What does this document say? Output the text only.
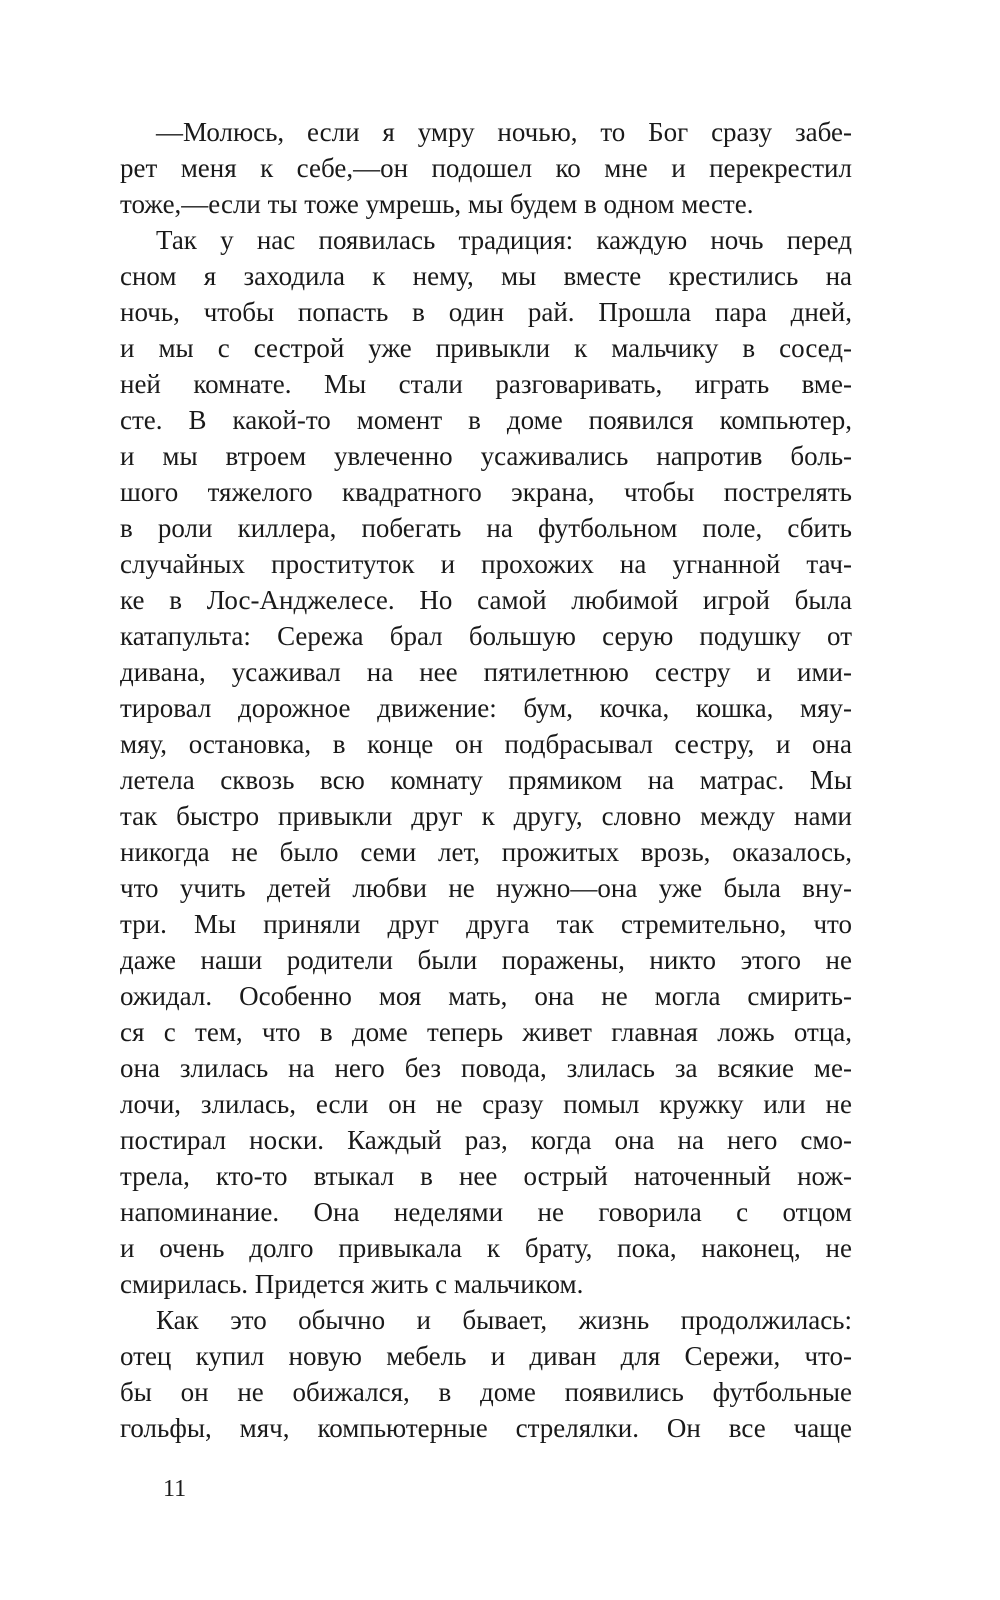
—Молюсь, если я умру ночью, то Бог сразу забе-
рет меня к себе,—он подошел ко мне и перекрестил
тоже,—если ты тоже умрешь, мы будем в одном месте.
Так у нас появилась традиция: каждую ночь перед
сном я заходила к нему, мы вместе крестились на
ночь, чтобы попасть в один рай. Прошла пара дней,
и мы с сестрой уже привыкли к мальчику в сосед-
ней комнате. Мы стали разговаривать, играть вме-
сте. В какой-то момент в доме появился компьютер,
и мы втроем увлеченно усаживались напротив боль-
шого тяжелого квадратного экрана, чтобы пострелять
в роли киллера, побегать на футбольном поле, сбить
случайных проституток и прохожих на угнанной тач-
ке в Лос-Анджелесе. Но самой любимой игрой была
катапульта: Сережа брал большую серую подушку от
дивана, усаживал на нее пятилетнюю сестру и ими-
тировал дорожное движение: бум, кочка, кошка, мяу-
мяу, остановка, в конце он подбрасывал сестру, и она
летела сквозь всю комнату прямиком на матрас. Мы
так быстро привыкли друг к другу, словно между нами
никогда не было семи лет, прожитых врозь, оказалось,
что учить детей любви не нужно—она уже была вну-
три. Мы приняли друг друга так стремительно, что
даже наши родители были поражены, никто этого не
ожидал. Особенно моя мать, она не могла смирить-
ся с тем, что в доме теперь живет главная ложь отца,
она злилась на него без повода, злилась за всякие ме-
лочи, злилась, если он не сразу помыл кружку или не
постирал носки. Каждый раз, когда она на него смо-
трела, кто-то втыкал в нее острый наточенный нож-
напоминание. Она неделями не говорила с отцом
и очень долго привыкала к брату, пока, наконец, не
смирилась. Придется жить с мальчиком.
Как это обычно и бывает, жизнь продолжилась:
отец купил новую мебель и диван для Сережи, что-
бы он не обижался, в доме появились футбольные
гольфы, мяч, компьютерные стрелялки. Он все чаще
11
